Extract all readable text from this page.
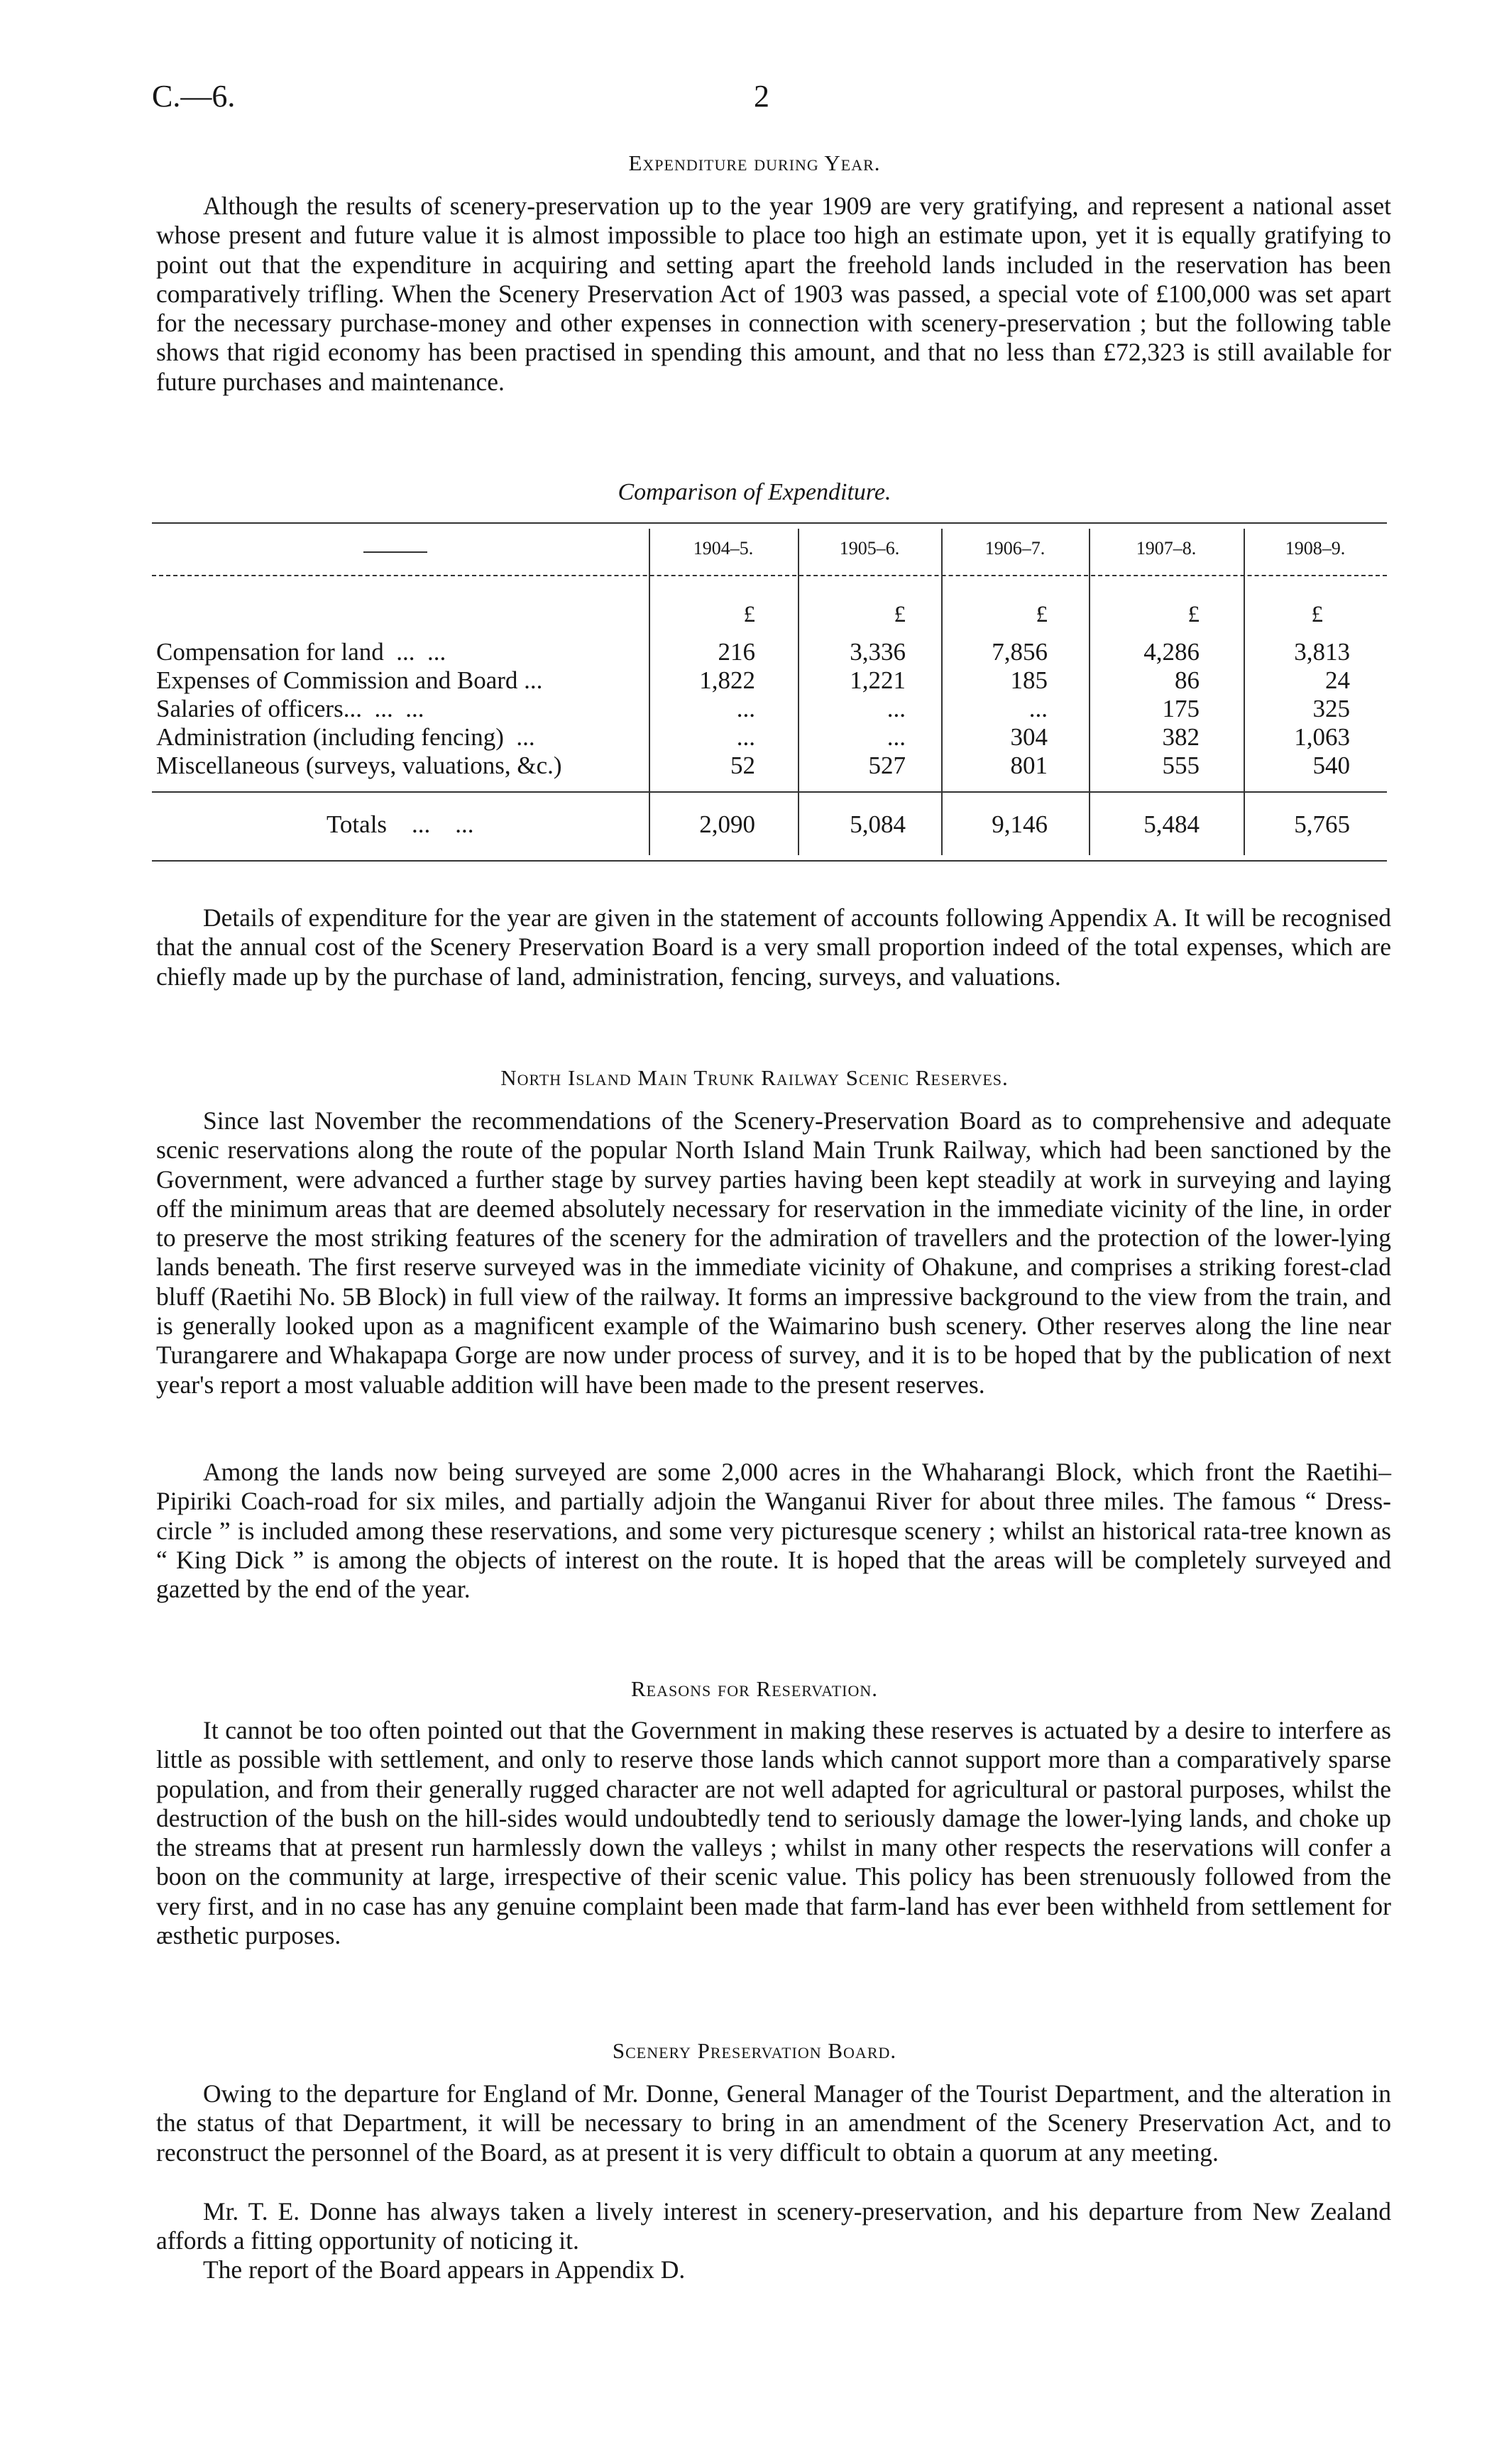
C.—6.	2
Expenditure during Year.

Although the results of scenery-preservation up to the year 1909 are very gratifying, and represent a national asset whose present and future value it is almost impossible to place too high an estimate upon, yet it is equally gratifying to point out that the expenditure in acquiring and setting apart the freehold lands included in the reservation has been comparatively trifling. When the Scenery Preservation Act of 1903 was passed, a special vote of £100,000 was set apart for the necessary purchase-money and other expenses in connection with scenery-preservation ; but the following table shows that rigid economy has been practised in spending this amount, and that no less than £72,323 is still available for future purchases and maintenance.

Comparison of Expenditure.
1904–5.	1905–6.	1906–7.	1907–8.	1908–9.
£	£	£	£	£
Compensation for land  ...  ...	216	3,336	7,856	4,286	3,813
Expenses of Commission and Board ...	1,822	1,221	185	86	24
Salaries of officers...  ...  ...	...	...	...	175	325
Administration (including fencing)  ...	...	...	304	382	1,063
Miscellaneous (surveys, valuations, &c.)	52	527	801	555	540
Totals    ...    ...	2,090	5,084	9,146	5,484	5,765

Details of expenditure for the year are given in the statement of accounts following Appendix A. It will be recognised that the annual cost of the Scenery Preservation Board is a very small proportion indeed of the total expenses, which are chiefly made up by the purchase of land, administration, fencing, surveys, and valuations.

North Island Main Trunk Railway Scenic Reserves.

Since last November the recommendations of the Scenery-Preservation Board as to comprehensive and adequate scenic reservations along the route of the popular North Island Main Trunk Railway, which had been sanctioned by the Government, were advanced a further stage by survey parties having been kept steadily at work in surveying and laying off the minimum areas that are deemed absolutely necessary for reservation in the immediate vicinity of the line, in order to preserve the most striking features of the scenery for the admiration of travellers and the protection of the lower-lying lands beneath. The first reserve surveyed was in the immediate vicinity of Ohakune, and comprises a striking forest-clad bluff (Raetihi No. 5B Block) in full view of the railway. It forms an impressive background to the view from the train, and is generally looked upon as a magnificent example of the Waimarino bush scenery. Other reserves along the line near Turangarere and Whakapapa Gorge are now under process of survey, and it is to be hoped that by the publication of next year's report a most valuable addition will have been made to the present reserves.

Among the lands now being surveyed are some 2,000 acres in the Whaharangi Block, which front the Raetihi–Pipiriki Coach-road for six miles, and partially adjoin the Wanganui River for about three miles. The famous “ Dress-circle ” is included among these reservations, and some very picturesque scenery ; whilst an historical rata-tree known as “ King Dick ” is among the objects of interest on the route. It is hoped that the areas will be completely surveyed and gazetted by the end of the year.

Reasons for Reservation.

It cannot be too often pointed out that the Government in making these reserves is actuated by a desire to interfere as little as possible with settlement, and only to reserve those lands which cannot support more than a comparatively sparse population, and from their generally rugged character are not well adapted for agricultural or pastoral purposes, whilst the destruction of the bush on the hill-sides would undoubtedly tend to seriously damage the lower-lying lands, and choke up the streams that at present run harmlessly down the valleys ; whilst in many other respects the reservations will confer a boon on the community at large, irrespective of their scenic value. This policy has been strenuously followed from the very first, and in no case has any genuine complaint been made that farm-land has ever been withheld from settlement for æsthetic purposes.

Scenery Preservation Board.

Owing to the departure for England of Mr. Donne, General Manager of the Tourist Department, and the alteration in the status of that Department, it will be necessary to bring in an amendment of the Scenery Preservation Act, and to reconstruct the personnel of the Board, as at present it is very difficult to obtain a quorum at any meeting.

Mr. T. E. Donne has always taken a lively interest in scenery-preservation, and his departure from New Zealand affords a fitting opportunity of noticing it.

The report of the Board appears in Appendix D.
